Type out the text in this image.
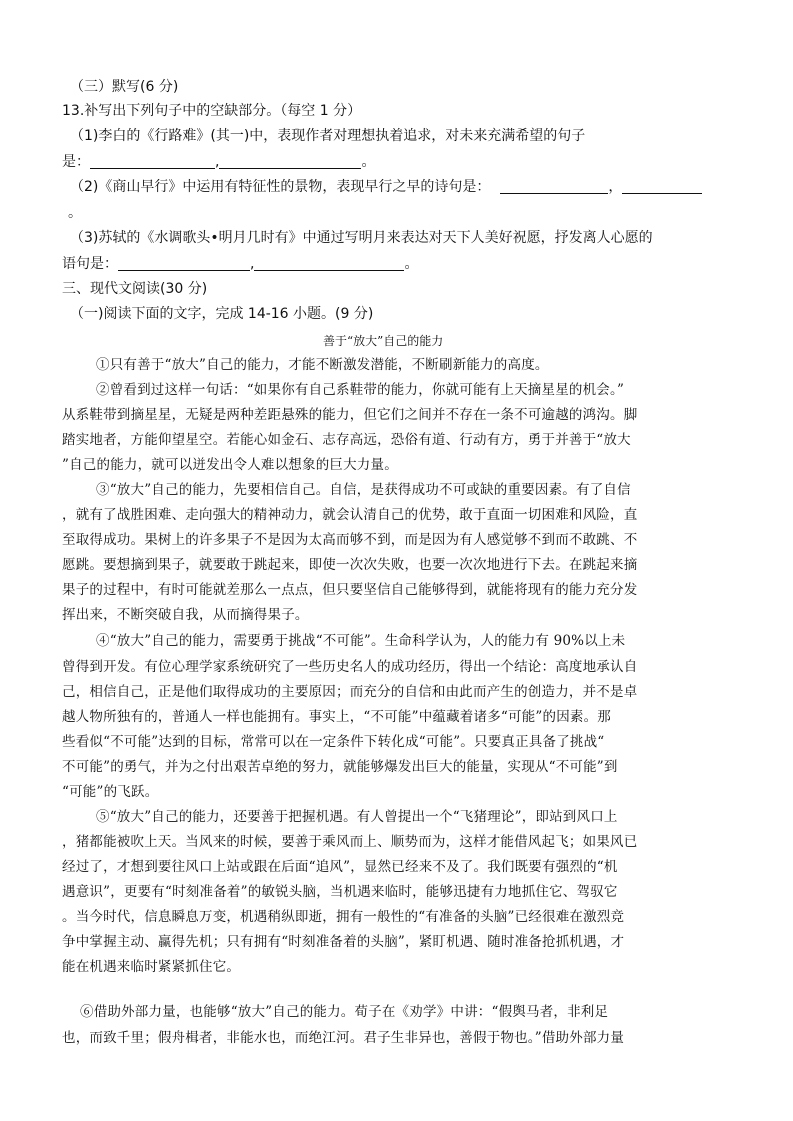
（三）默写(6 分)
13.补写出下列句子中的空缺部分。（每空 1 分）
（1)李白的《行路难》(其一)中，表现作者对理想执着追求，对未来充满希望的句子
是：	,	。
（2)《商山早行》中运用有特征性的景物，表现早行之早的诗句是：	，
。
（3)苏轼的《水调歌头•明月几时有》中通过写明月来表达对天下人美好祝愿，抒发离人心愿的
语句是：	,	。
三、现代文阅读(30 分)
（一)阅读下面的文字，完成 14-16 小题。(9 分)
善于“放大”自己的能力
①只有善于“放大”自己的能力，才能不断激发潜能，不断刷新能力的高度。
②曾看到过这样一句话：“如果你有自己系鞋带的能力，你就可能有上天摘星星的机会。”
从系鞋带到摘星星，无疑是两种差距悬殊的能力，但它们之间并不存在一条不可逾越的鸿沟。脚
踏实地者，方能仰望星空。若能心如金石、志存高远，恐俗有道、行动有方，勇于并善于“放大
”自己的能力，就可以迸发出令人难以想象的巨大力量。
③“放大”自己的能力，先要相信自己。自信，是获得成功不可或缺的重要因素。有了自信
，就有了战胜困难、走向强大的精神动力，就会认清自己的优势，敢于直面一切困难和风险，直
至取得成功。果树上的许多果子不是因为太高而够不到，而是因为有人感觉够不到而不敢跳、不
愿跳。要想摘到果子，就要敢于跳起来，即使一次次失败，也要一次次地进行下去。在跳起来摘
果子的过程中，有时可能就差那么一点点，但只要坚信自己能够得到，就能将现有的能力充分发
挥出来，不断突破自我，从而摘得果子。
④“放大”自己的能力，需要勇于挑战“不可能”。生命科学认为，人的能力有 90%以上未
曾得到开发。有位心理学家系统研究了一些历史名人的成功经历，得出一个结论：高度地承认自
己，相信自己，正是他们取得成功的主要原因；而充分的自信和由此而产生的创造力，并不是卓
越人物所独有的，普通人一样也能拥有。事实上，“不可能”中蕴藏着诸多“可能”的因素。那
些看似“不可能”达到的目标，常常可以在一定条件下转化成“可能”。只要真正具备了挑战“
不可能”的勇气，并为之付出艰苦卓绝的努力，就能够爆发出巨大的能量，实现从“不可能”到
“可能”的飞跃。
⑤“放大”自己的能力，还要善于把握机遇。有人曾提出一个“飞猪理论”，即站到风口上
，猪都能被吹上天。当风来的时候，要善于乘风而上、顺势而为，这样才能借风起飞；如果风已
经过了，才想到要往风口上站或跟在后面“追风”，显然已经来不及了。我们既要有强烈的“机
遇意识”，更要有“时刻准备着”的敏锐头脑，当机遇来临时，能够迅捷有力地抓住它、驾驭它
。当今时代，信息瞬息万变，机遇稍纵即逝，拥有一般性的“有准备的头脑”已经很难在激烈竞
争中掌握主动、赢得先机；只有拥有“时刻准备着的头脑”，紧盯机遇、随时准备抢抓机遇，才
能在机遇来临时紧紧抓住它。
⑥借助外部力量，也能够“放大”自己的能力。荀子在《劝学》中讲：“假舆马者，非利足
也，而致千里；假舟楫者，非能水也，而绝江河。君子生非异也，善假于物也。”借助外部力量
